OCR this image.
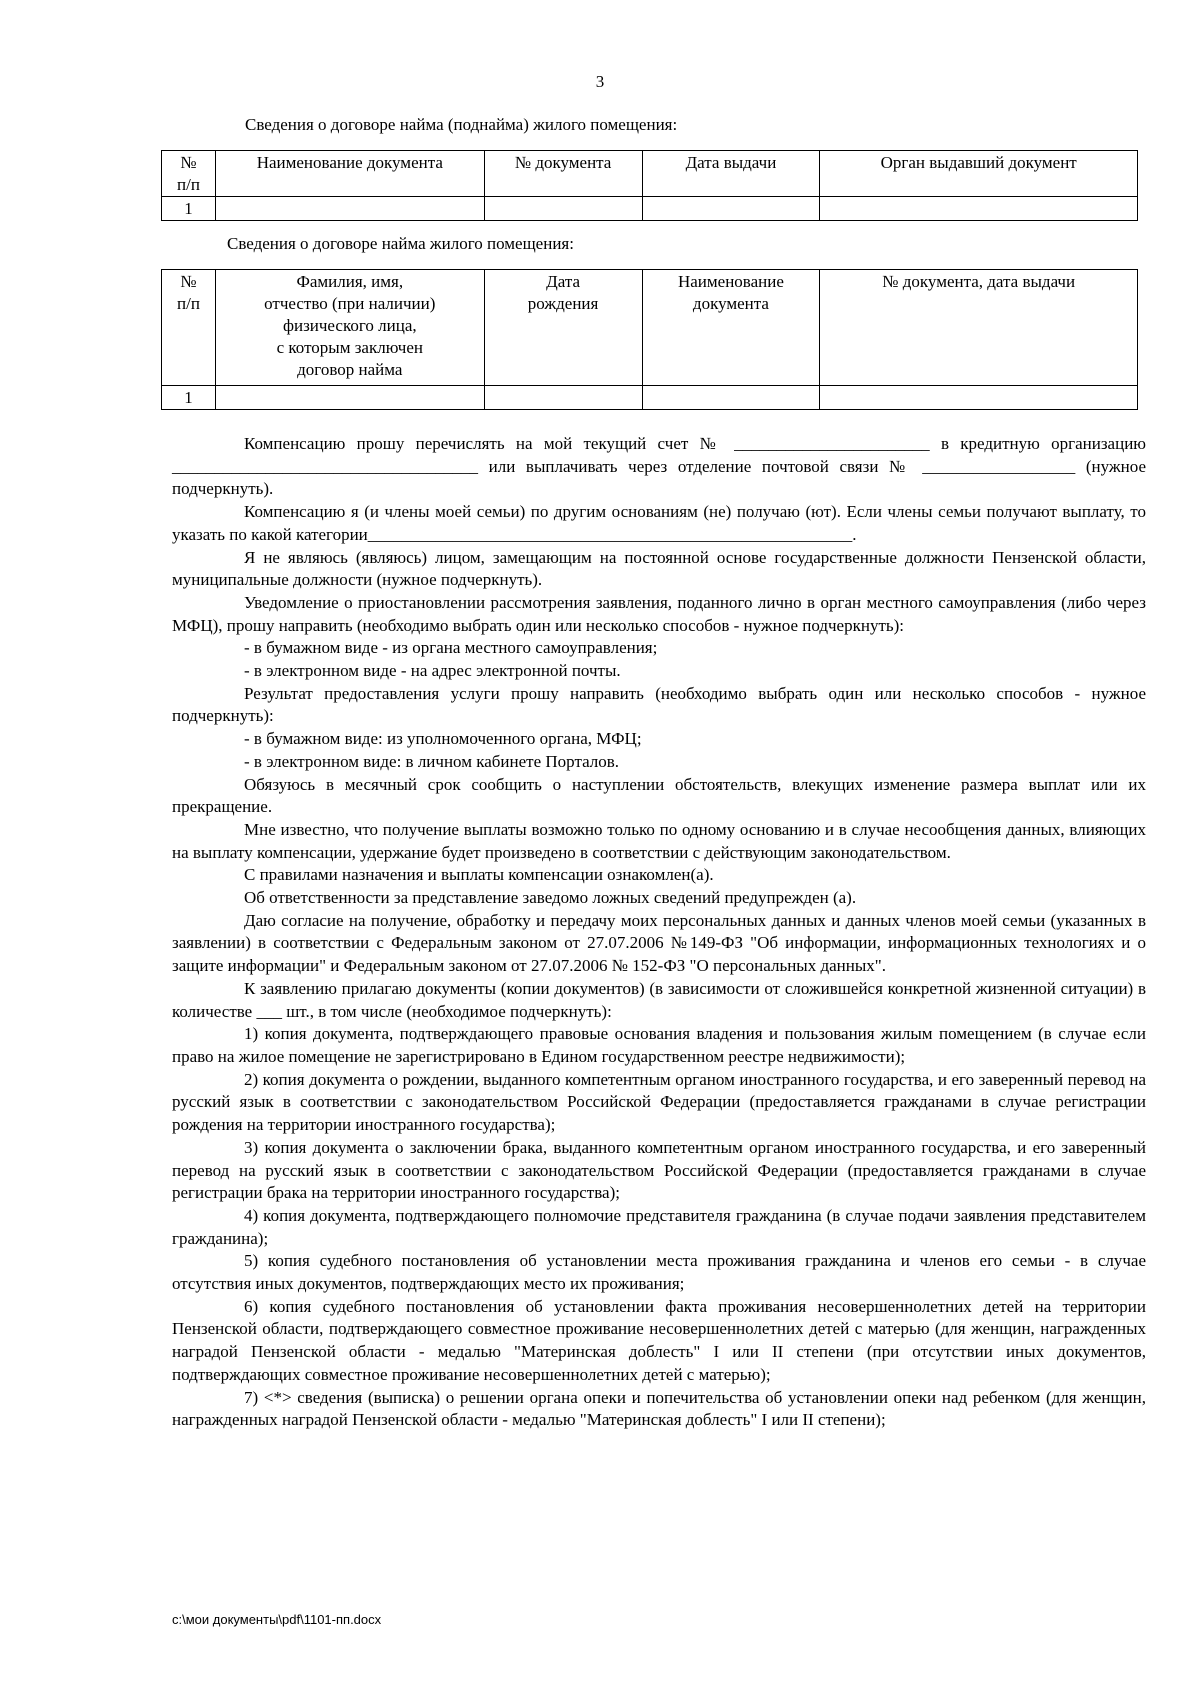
3
Сведения о договоре найма (поднайма) жилого помещения:
№
п/п	Наименование документа	№ документа	Дата выдачи	Орган выдавший документ
1				
Сведения о договоре найма жилого помещения:
№
п/п	Фамилия, имя,
отчество (при наличии)
физического лица,
с которым заключен
договор найма	Дата
рождения	Наименование
документа	№ документа, дата выдачи
1				

Компенсацию прошу перечислять на мой текущий счет № _______________________ в кредитную организацию ____________________________________ или выплачивать через отделение почтовой связи № __________________ (нужное подчеркнуть).

Компенсацию я (и члены моей семьи) по другим основаниям (не) получаю (ют). Если члены семьи получают выплату, то указать по какой категории_________________________________________________________.

Я не являюсь (являюсь) лицом, замещающим на постоянной основе государственные должности Пензенской области, муниципальные должности (нужное подчеркнуть).

Уведомление о приостановлении рассмотрения заявления, поданного лично в орган местного самоуправления (либо через МФЦ), прошу направить (необходимо выбрать один или несколько способов - нужное подчеркнуть):

- в бумажном виде - из органа местного самоуправления;

- в электронном виде - на адрес электронной почты.

Результат предоставления услуги прошу направить (необходимо выбрать один или несколько способов - нужное подчеркнуть):

- в бумажном виде: из уполномоченного органа, МФЦ;

- в электронном виде: в личном кабинете Порталов.

Обязуюсь в месячный срок сообщить о наступлении обстоятельств, влекущих изменение размера выплат или их прекращение.

Мне известно, что получение выплаты возможно только по одному основанию и в случае несообщения данных, влияющих на выплату компенсации, удержание будет произведено в соответствии с действующим законодательством.

С правилами назначения и выплаты компенсации ознакомлен(а).

Об ответственности за представление заведомо ложных сведений предупрежден (а).

Даю согласие на получение, обработку и передачу моих персональных данных и данных членов моей семьи (указанных в заявлении) в соответствии с Федеральным законом от 27.07.2006 №149-ФЗ "Об информации, информационных технологиях и о защите информации" и Федеральным законом от 27.07.2006 № 152-ФЗ "О персональных данных".

К заявлению прилагаю документы (копии документов) (в зависимости от сложившейся конкретной жизненной ситуации) в количестве ___ шт., в том числе (необходимое подчеркнуть):

1) копия документа, подтверждающего правовые основания владения и пользования жилым помещением (в случае если право на жилое помещение не зарегистрировано в Едином государственном реестре недвижимости);

2) копия документа о рождении, выданного компетентным органом иностранного государства, и его заверенный перевод на русский язык в соответствии с законодательством Российской Федерации (предоставляется гражданами в случае регистрации рождения на территории иностранного государства);

3) копия документа о заключении брака, выданного компетентным органом иностранного государства, и его заверенный перевод на русский язык в соответствии с законодательством Российской Федерации (предоставляется гражданами в случае регистрации брака на территории иностранного государства);

4) копия документа, подтверждающего полномочие представителя гражданина (в случае подачи заявления представителем гражданина);

5) копия судебного постановления об установлении места проживания гражданина и членов его семьи - в случае отсутствия иных документов, подтверждающих место их проживания;

6) копия судебного постановления об установлении факта проживания несовершеннолетних детей на территории Пензенской области, подтверждающего совместное проживание несовершеннолетних детей с матерью (для женщин, награжденных наградой Пензенской области - медалью "Материнская доблесть" I или II степени (при отсутствии иных документов, подтверждающих совместное проживание несовершеннолетних детей с матерью);

7) <*> сведения (выписка) о решении органа опеки и попечительства об установлении опеки над ребенком (для женщин, награжденных наградой Пензенской области - медалью "Материнская доблесть" I или II степени);

c:\мои документы\pdf\1101-пп.docx
